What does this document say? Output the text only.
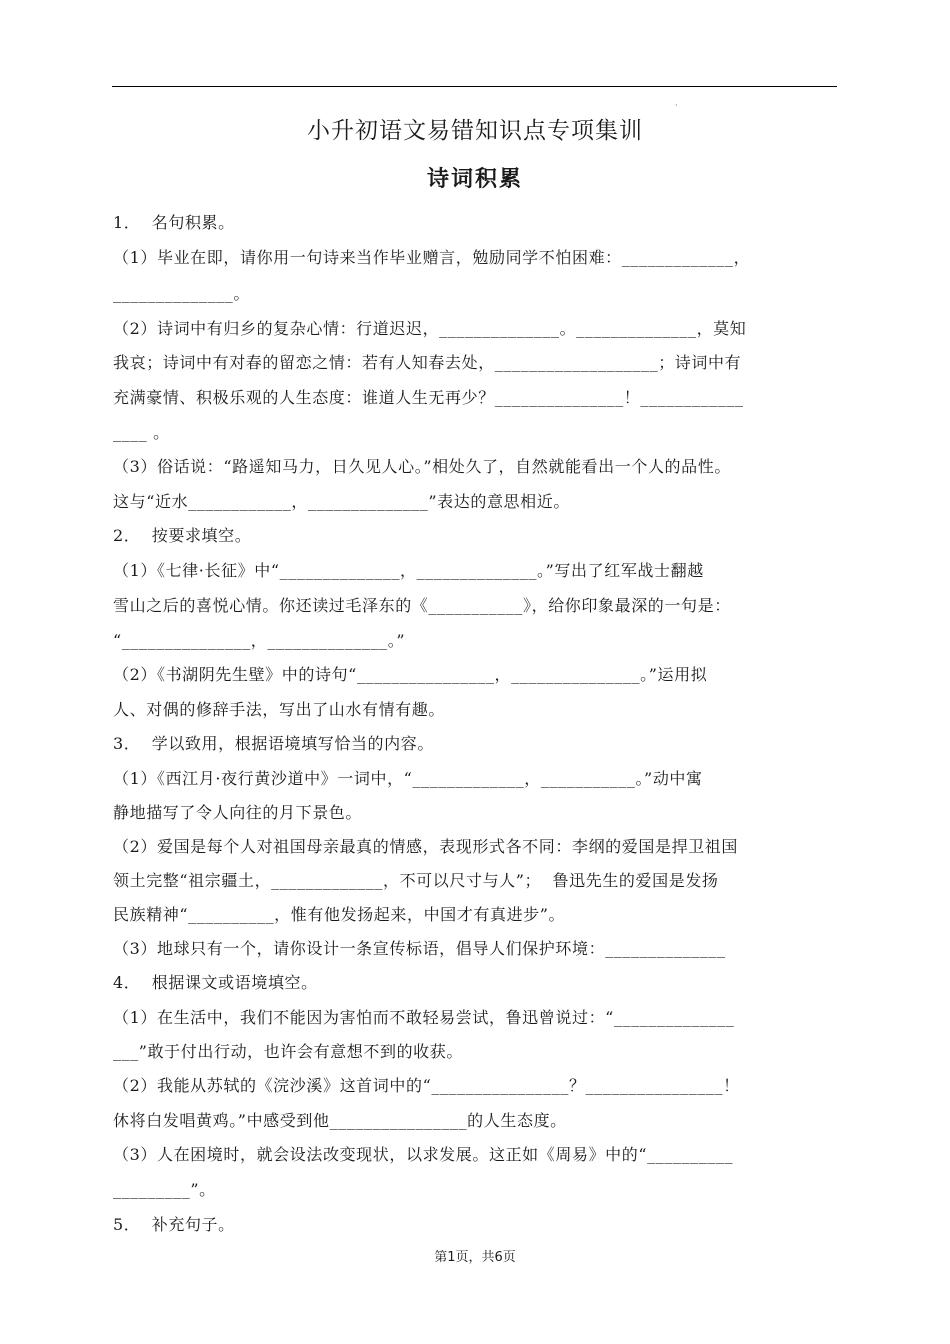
·
小升初语文易错知识点专项集训
诗词积累
1．  名句积累。
（1）毕业在即，请你用一句诗来当作毕业赠言，勉励同学不怕困难：_____________，
______________。
（2）诗词中有归乡的复杂心情：行道迟迟，______________。______________，莫知
我哀；诗词中有对春的留恋之情：若有人知春去处，___________________；诗词中有
充满豪情、积极乐观的人生态度：谁道人生无再少？_______________！____________
____ 。
（3）俗话说：“路遥知马力，日久见人心。”相处久了，自然就能看出一个人的品性。
这与“近水____________，______________”表达的意思相近。
2．  按要求填空。
（1）《七律·长征》中“______________，______________。”写出了红军战士翻越
雪山之后的喜悦心情。你还读过毛泽东的《___________》，给你印象最深的一句是：
“_______________，______________。”
（2）《书湖阴先生壁》中的诗句“________________，_______________。”运用拟
人、对偶的修辞手法，写出了山水有情有趣。
3．  学以致用，根据语境填写恰当的内容。
（1）《西江月·夜行黄沙道中》一词中，“_____________，___________。”动中寓
静地描写了令人向往的月下景色。
（2）爱国是每个人对祖国母亲最真的情感，表现形式各不同：李纲的爱国是捍卫祖国
领土完整“祖宗疆土，_____________，不可以尺寸与人”；  鲁迅先生的爱国是发扬
民族精神“__________，惟有他发扬起来，中国才有真进步”。
（3）地球只有一个，请你设计一条宣传标语，倡导人们保护环境：______________
4．  根据课文或语境填空。
（1）在生活中，我们不能因为害怕而不敢轻易尝试，鲁迅曾说过：“______________
___”敢于付出行动，也许会有意想不到的收获。
（2）我能从苏轼的《浣沙溪》这首词中的“________________？________________！
休将白发唱黄鸡。”中感受到他________________的人生态度。
（3）人在困境时，就会设法改变现状，以求发展。这正如《周易》中的“__________
_________”。
5．  补充句子。
第1页，共6页
